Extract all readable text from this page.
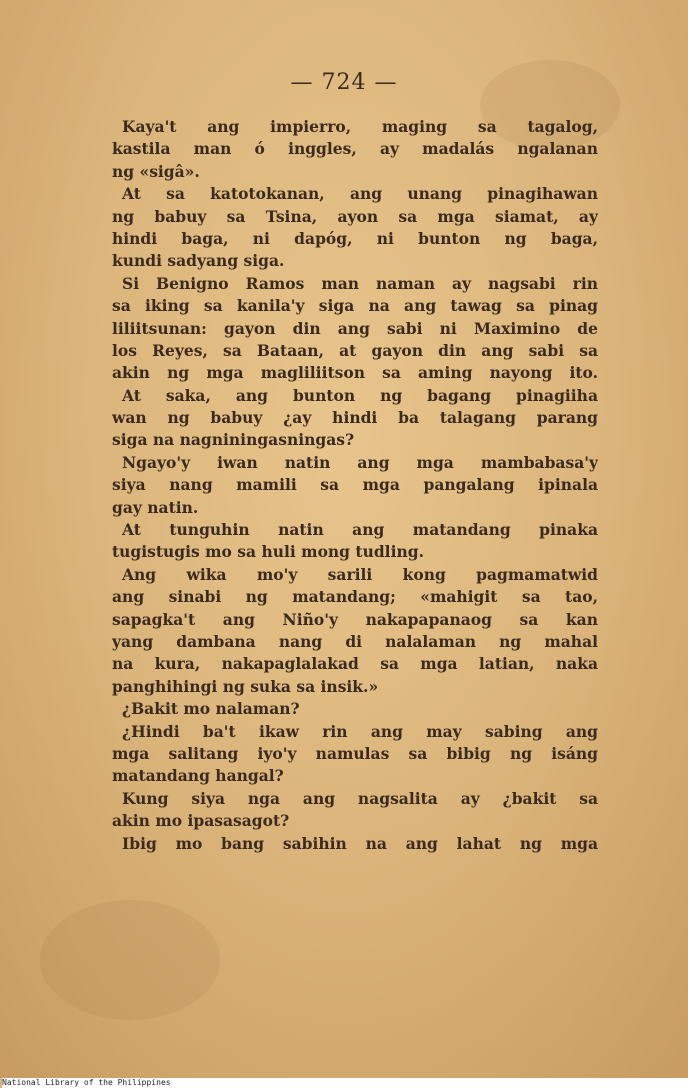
— 724 —
Kaya't ang impierro, maging sa tagalog,
kastila man ó inggles, ay madalás ngalanan
ng «sigâ».
At sa katotokanan, ang unang pinagihawan
ng babuy sa Tsina, ayon sa mga siamat, ay
hindi baga, ni dapóg, ni bunton ng baga,
kundi sadyang siga.
Si Benigno Ramos man naman ay nagsabi rin
sa iking sa kanila'y siga na ang tawag sa pinag
liliitsunan: gayon din ang sabi ni Maximino de
los Reyes, sa Bataan, at gayon din ang sabi sa
akin ng mga magliliitson sa aming nayong ito.
At saka, ang bunton ng bagang pinagiiha
wan ng babuy ¿ay hindi ba talagang parang
siga na nagniningasningas?
Ngayo'y iwan natin ang mga mambabasa'y
siya nang mamili sa mga pangalang ipinala
gay natin.
At tunguhin natin ang matandang pinaka
tugistugis mo sa huli mong tudling.
Ang wika mo'y sarili kong pagmamatwid
ang sinabi ng matandang; «mahigit sa tao,
sapagka't ang Niño'y nakapapanaog sa kan
yang dambana nang di nalalaman ng mahal
na kura, nakapaglalakad sa mga latian, naka
panghihingi ng suka sa insik.»
¿Bakit mo nalaman?
¿Hindi ba't ikaw rin ang may sabing ang
mga salitang iyo'y namulas sa bibig ng isáng
matandang hangal?
Kung siya nga ang nagsalita ay ¿bakit sa
akin mo ipasasagot?
Ibig mo bang sabihin na ang lahat ng mga
National Library of the Philippines
